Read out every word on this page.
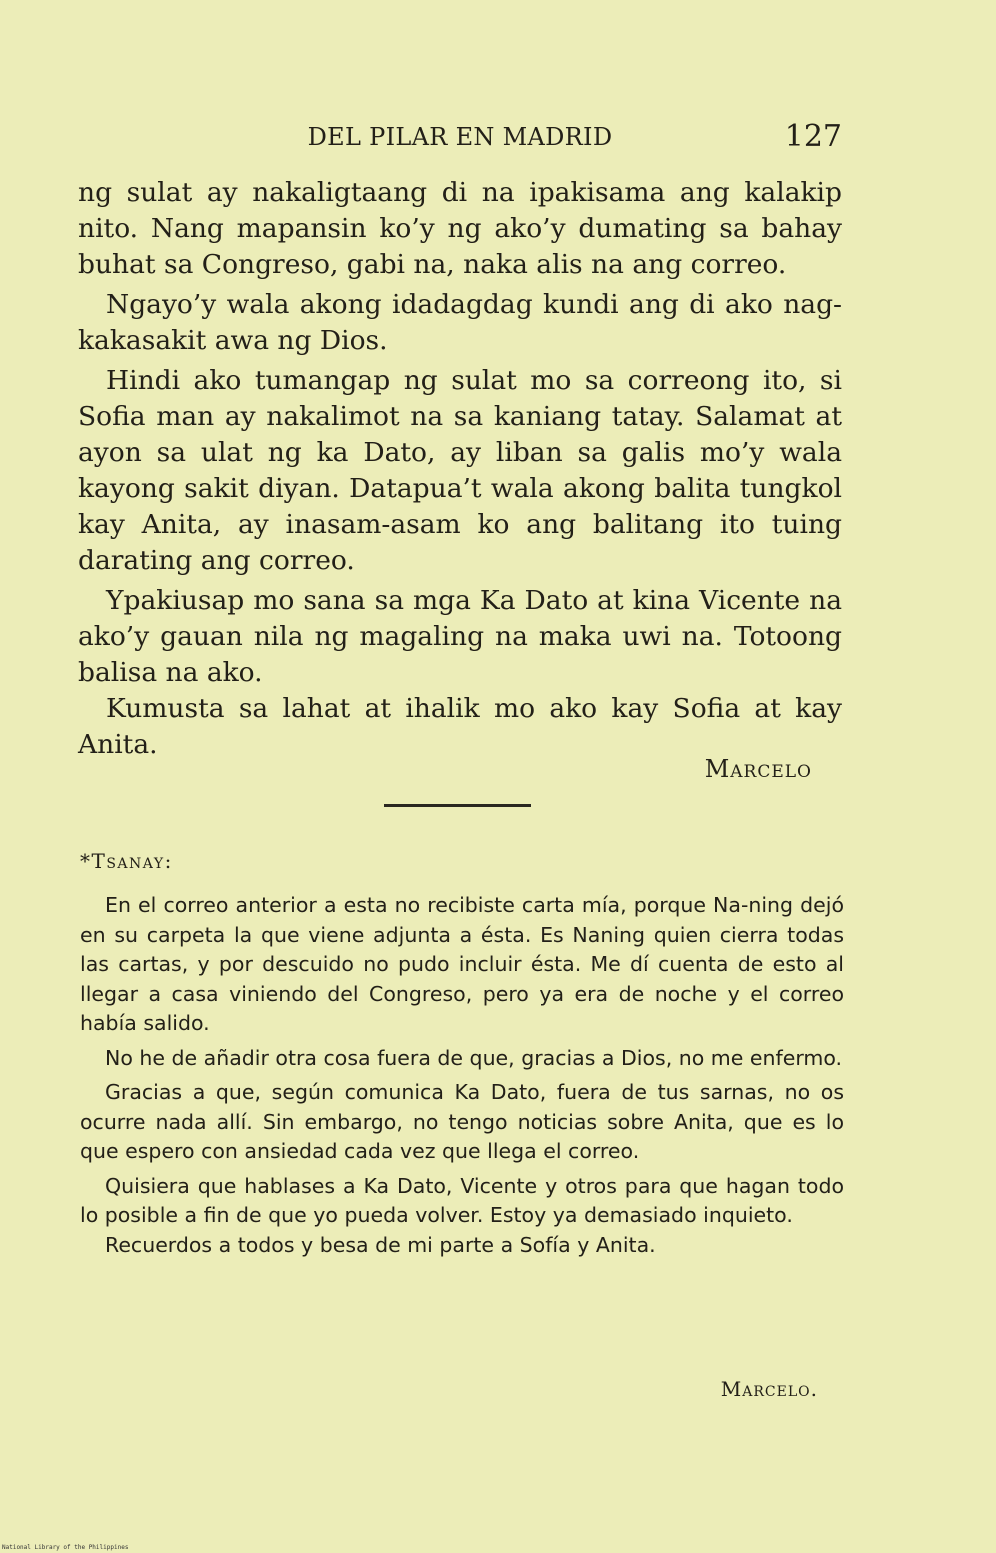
DEL PILAR EN MADRID	127

ng sulat ay nakaligtaang di na ipakisama ang kalakip nito. Nang mapansin ko’y ng ako’y dumating sa bahay buhat sa Congreso, gabi na, naka alis na ang correo.

Ngayo’y wala akong idadagdag kundi ang di ako nag-kakasakit awa ng Dios.

Hindi ako tumangap ng sulat mo sa correong ito, si Sofia man ay nakalimot na sa kaniang tatay. Salamat at ayon sa ulat ng ka Dato, ay liban sa galis mo’y wala kayong sakit diyan. Datapua’t wala akong balita tungkol kay Anita, ay inasam-asam ko ang balitang ito tuing darating ang correo.

Ypakiusap mo sana sa mga Ka Dato at kina Vicente na ako’y gauan nila ng magaling na maka uwi na. Totoong balisa na ako.

Kumusta sa lahat at ihalik mo ako kay Sofia at kay Anita.

Marcelo
*Tsanay:

En el correo anterior a esta no recibiste carta mía, porque Na-ning dejó en su carpeta la que viene adjunta a ésta. Es Naning quien cierra todas las cartas, y por descuido no pudo incluir ésta. Me dí cuenta de esto al llegar a casa viniendo del Congreso, pero ya era de noche y el correo había salido.

No he de añadir otra cosa fuera de que, gracias a Dios, no me enfermo.

Gracias a que, según comunica Ka Dato, fuera de tus sarnas, no os ocurre nada allí. Sin embargo, no tengo noticias sobre Anita, que es lo que espero con ansiedad cada vez que llega el correo.

Quisiera que hablases a Ka Dato, Vicente y otros para que hagan todo lo posible a fin de que yo pueda volver. Estoy ya demasiado inquieto.

Recuerdos a todos y besa de mi parte a Sofía y Anita.

Marcelo.
National Library of the Philippines
